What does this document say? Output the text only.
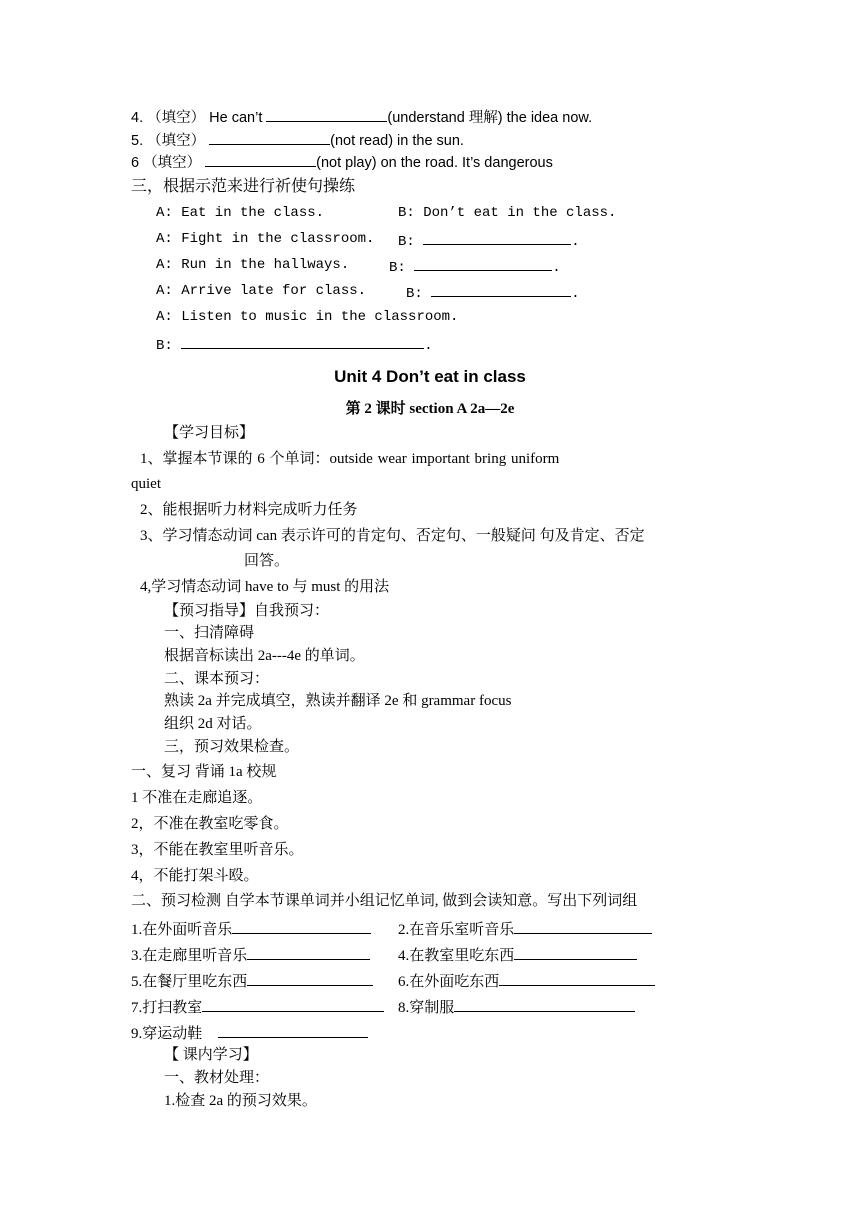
4. （填空） He can’t	(understand 理解) the idea now.
5. （填空）	(not read) in the sun.
6 （填空）	(not play) on the road. It’s dangerous
三，根据示范来进行祈使句操练
A: Eat in the class.	B: Don’t eat in the class.
A: Fight in the classroom. B:	.
A: Run in the hallways.	B:	.
A: Arrive late for class.	B:	.
A: Listen to music in the classroom.
B:	.
Unit 4 Don’t eat in class
第 2 课时 section A 2a—2e
【学习目标】
1、掌握本节课的 6 个单词：outside wear important bring uniform
quiet
2、能根据听力材料完成听力任务
3、学习情态动词 can 表示许可的肯定句、否定句、一般疑问 句及肯定、否定
回答。
4,学习情态动词 have to 与 must 的用法
【预习指导】自我预习：
一、扫清障碍
根据音标读出 2a---4e 的单词。
二、课本预习：
熟读 2a 并完成填空，熟读并翻译 2e 和 grammar focus
组织 2d 对话。
三，预习效果检查。
一、复习 背诵 1a 校规
1 不准在走廊追逐。
2，不准在教室吃零食。
3，不能在教室里听音乐。
4，不能打架斗殴。
二、预习检测 自学本节课单词并小组记忆单词, 做到会读知意。写出下列词组
1.在外面听音乐	2.在音乐室听音乐
3.在走廊里听音乐	4.在教室里吃东西
5.在餐厅里吃东西	6.在外面吃东西
7.打扫教室	8.穿制服
9.穿运动鞋
【 课内学习】
一、教材处理：
1.检查 2a 的预习效果。
